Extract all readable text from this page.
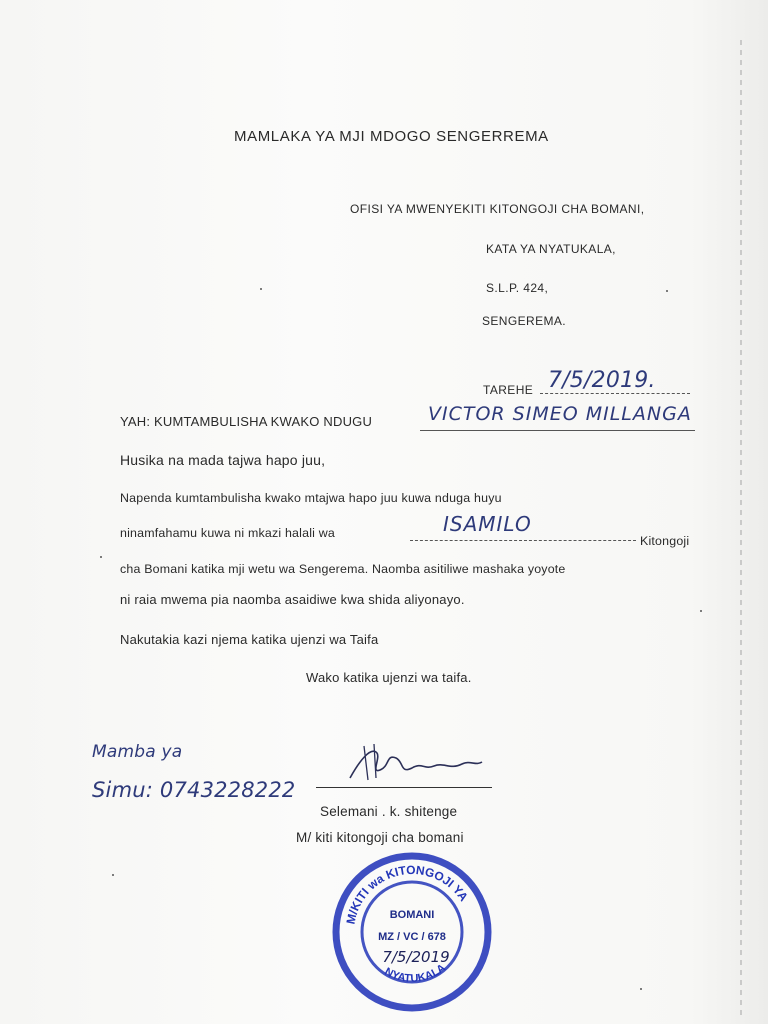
MAMLAKA YA MJI MDOGO SENGERREMA
OFISI YA MWENYEKITI KITONGOJI CHA BOMANI,
KATA YA NYATUKALA,
S.L.P. 424,
SENGEREMA.
TAREHE 7/5/2019.
YAH: KUMTAMBULISHA KWAKO NDUGU	VICTOR SIMEO MILLANGA
Husika na mada tajwa hapo juu,
Napenda kumtambulisha kwako mtajwa hapo juu kuwa nduga huyu
ninamfahamu kuwa ni mkazi halali wa	ISAMILO
Kitongoji
cha Bomani katika mji wetu wa Sengerema. Naomba asitiliwe mashaka yoyote
ni raia mwema pia naomba asaidiwe kwa shida aliyonayo.
Nakutakia kazi njema katika ujenzi wa Taifa
Wako katika ujenzi wa taifa.
Mamba ya
Simu: 0743228222
Selemani . k. shitenge
M/ kiti kitongoji cha bomani
M/KITI wa KITONGOJI YA
NYATUKALA
BOMANI
MZ / VC / 678
7/5/2019
